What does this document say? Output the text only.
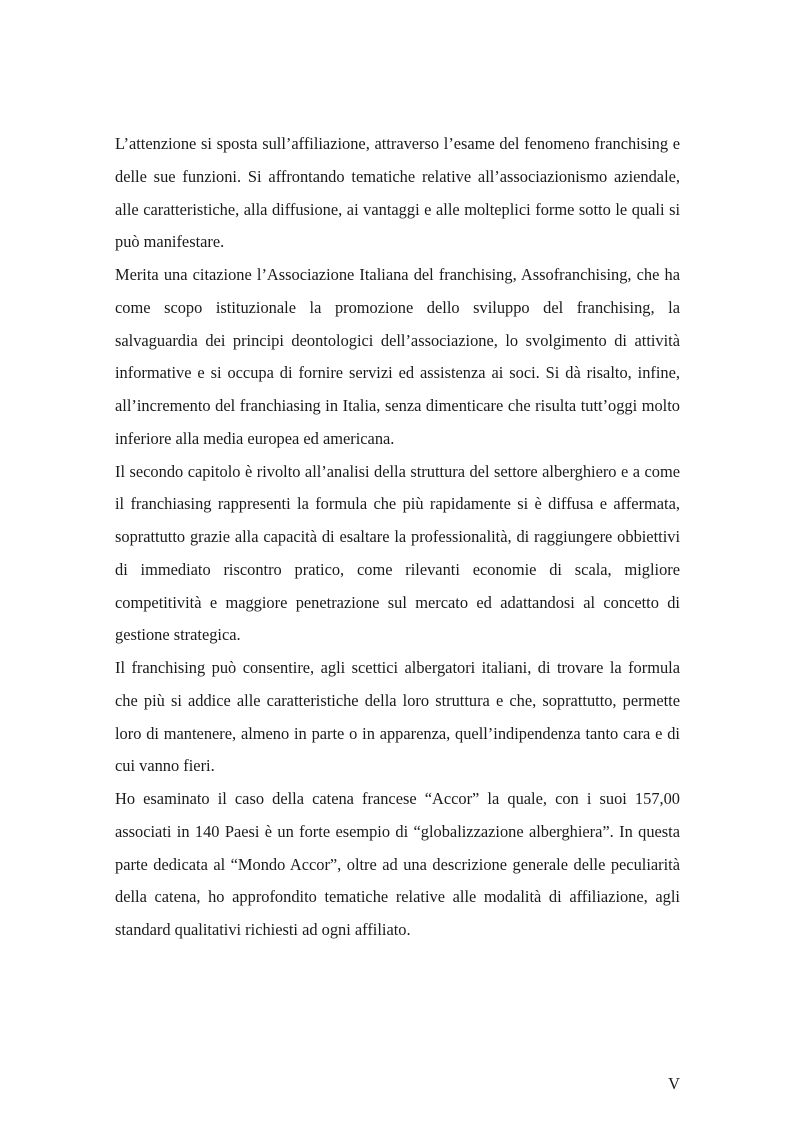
L’attenzione si sposta sull’affiliazione, attraverso l’esame del fenomeno franchising e delle sue funzioni. Si affrontando tematiche relative all’associazionismo aziendale, alle caratteristiche, alla diffusione, ai vantaggi e alle molteplici forme sotto le quali si può manifestare.

Merita una citazione l’Associazione Italiana del franchising, Assofranchising, che ha come scopo istituzionale la promozione dello sviluppo del franchising, la salvaguardia dei principi deontologici dell’associazione, lo svolgimento di attività informative e si occupa di fornire servizi ed assistenza ai soci. Si dà risalto, infine, all’incremento del franchiasing in Italia, senza dimenticare che risulta tutt’oggi molto inferiore alla media europea ed americana.

Il secondo capitolo è rivolto all’analisi della struttura del settore alberghiero e a come il franchiasing rappresenti la formula che più rapidamente si è diffusa e affermata, soprattutto grazie alla capacità di esaltare la professionalità, di raggiungere obbiettivi di immediato riscontro pratico, come rilevanti economie di scala, migliore competitività e maggiore penetrazione sul mercato ed adattandosi al concetto di gestione strategica.

Il franchising può consentire, agli scettici albergatori italiani, di trovare la formula che più si addice alle caratteristiche della loro struttura e che, soprattutto, permette loro di mantenere, almeno in parte o in apparenza, quell’indipendenza tanto cara e di cui vanno fieri.

Ho esaminato il caso della catena francese “Accor” la quale, con i suoi 157,00 associati in 140 Paesi è un forte esempio di “globalizzazione alberghiera”. In questa parte dedicata al “Mondo Accor”, oltre ad una descrizione generale delle peculiarità della catena, ho approfondito tematiche relative alle modalità di affiliazione, agli standard qualitativi richiesti ad ogni affiliato.

V
